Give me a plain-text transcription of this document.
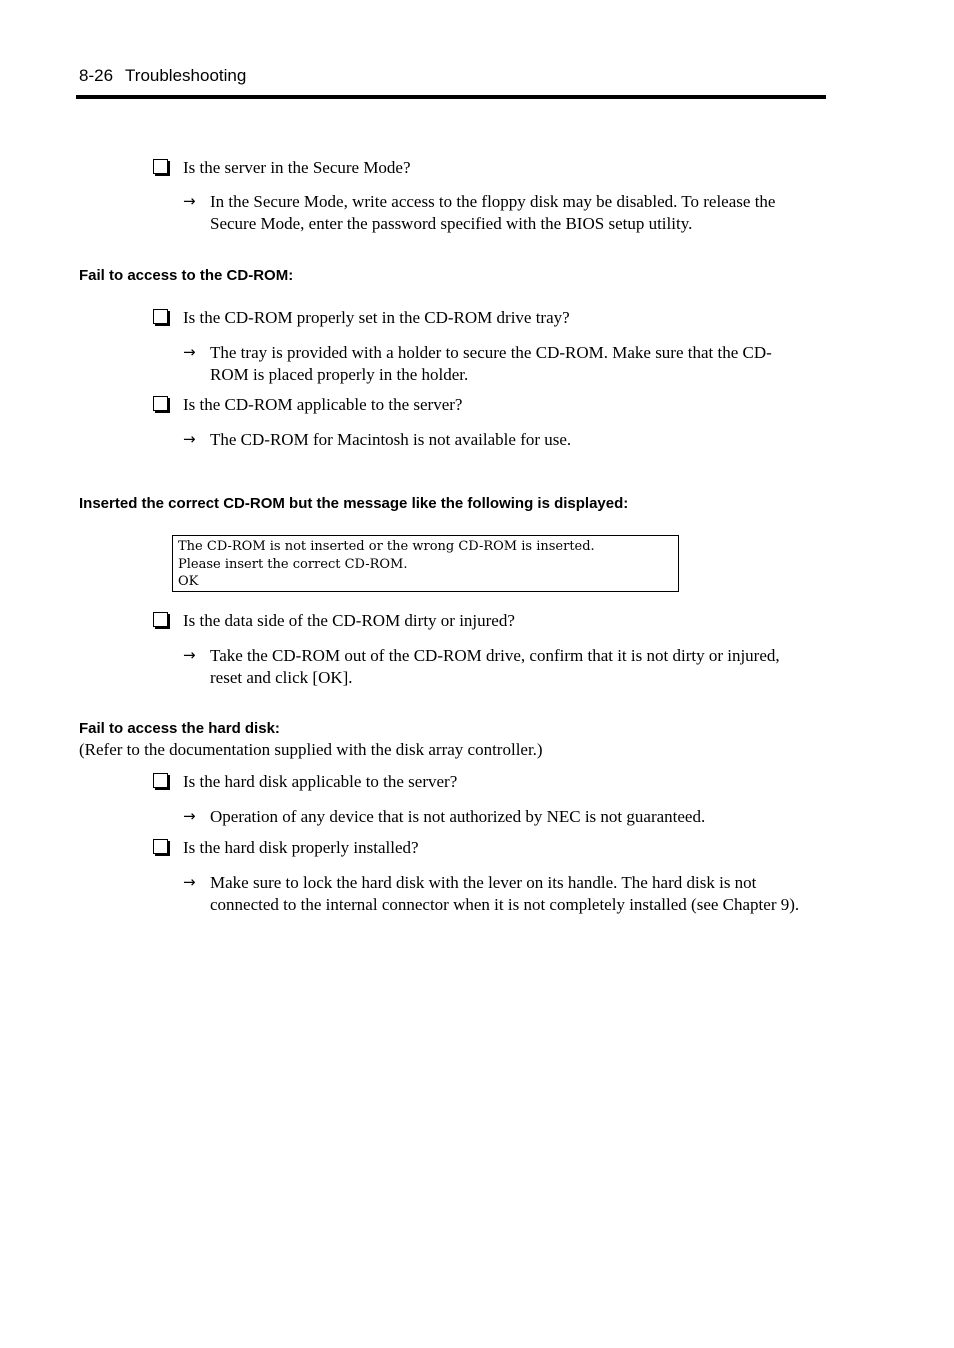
8-26 Troubleshooting
Is the server in the Secure Mode?
→ In the Secure Mode, write access to the floppy disk may be disabled. To release the Secure Mode, enter the password specified with the BIOS setup utility.
Fail to access to the CD-ROM:
Is the CD-ROM properly set in the CD-ROM drive tray?
→ The tray is provided with a holder to secure the CD-ROM. Make sure that the CD-ROM is placed properly in the holder.
Is the CD-ROM applicable to the server?
→ The CD-ROM for Macintosh is not available for use.
Inserted the correct CD-ROM but the message like the following is displayed:
The CD-ROM is not inserted or the wrong CD-ROM is inserted.
Please insert the correct CD-ROM.
OK
Is the data side of the CD-ROM dirty or injured?
→ Take the CD-ROM out of the CD-ROM drive, confirm that it is not dirty or injured, reset and click [OK].
Fail to access the hard disk:
(Refer to the documentation supplied with the disk array controller.)
Is the hard disk applicable to the server?
→ Operation of any device that is not authorized by NEC is not guaranteed.
Is the hard disk properly installed?
→ Make sure to lock the hard disk with the lever on its handle. The hard disk is not connected to the internal connector when it is not completely installed (see Chapter 9).
